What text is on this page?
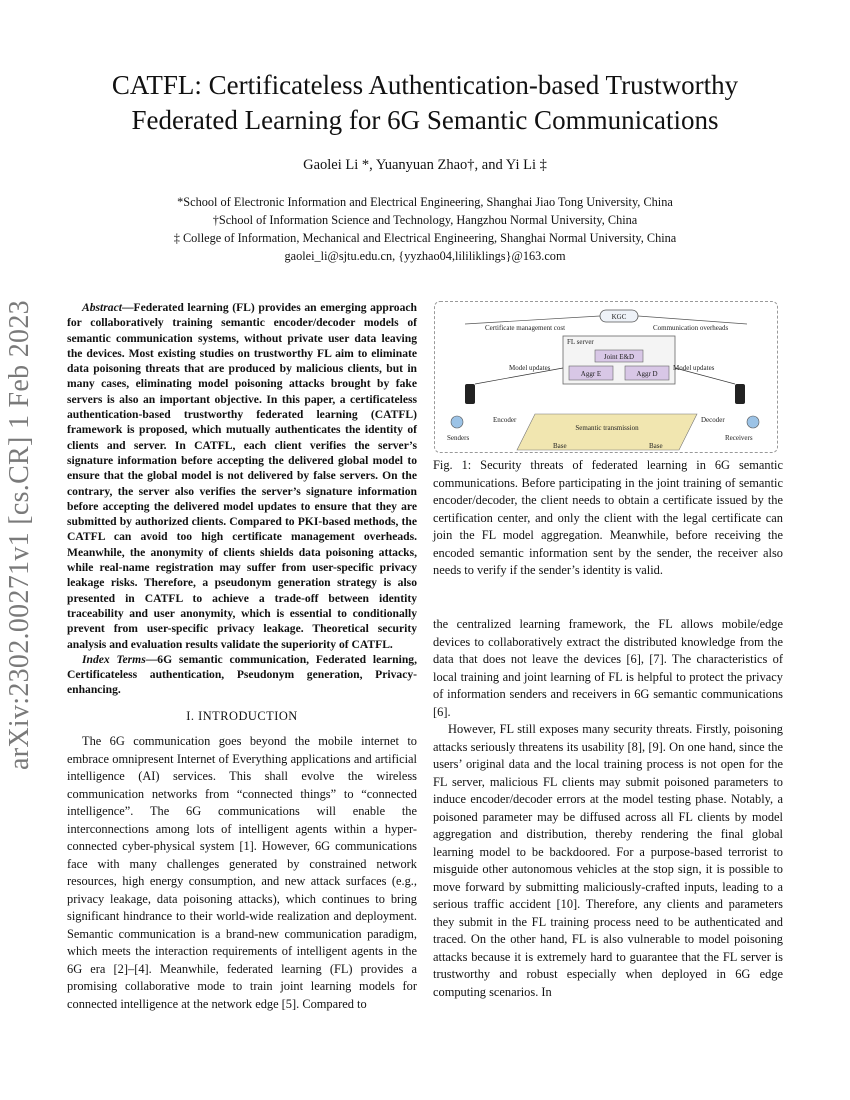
CATFL: Certificateless Authentication-based Trustworthy Federated Learning for 6G Semantic Communications
Gaolei Li *, Yuanyuan Zhao†, and Yi Li ‡
*School of Electronic Information and Electrical Engineering, Shanghai Jiao Tong University, China
†School of Information Science and Technology, Hangzhou Normal University, China
‡ College of Information, Mechanical and Electrical Engineering, Shanghai Normal University, China
gaolei_li@sjtu.edu.cn, {yyzhao04,lililiklings}@163.com
arXiv:2302.00271v1 [cs.CR] 1 Feb 2023	Abstract—Federated learning (FL) provides an emerging approach for collaboratively training semantic encoder/decoder models of semantic communication systems, without private user data leaving the devices. Most existing studies on trustworthy FL aim to eliminate data poisoning threats that are produced by malicious clients, but in many cases, eliminating model poisoning attacks brought by fake servers is also an important objective. In this paper, a certificateless authentication-based trustworthy federated learning (CATFL) framework is proposed, which mutually authenticates the identity of clients and server. In CATFL, each client verifies the server’s signature information before accepting the delivered global model to ensure that the global model is not delivered by false servers. On the contrary, the server also verifies the server’s signature information before accepting the delivered model updates to ensure that they are submitted by authorized clients. Compared to PKI-based methods, the CATFL can avoid too high certificate management overheads. Meanwhile, the anonymity of clients shields data poisoning attacks, while real-name registration may suffer from user-specific privacy leakage risks. Therefore, a pseudonym generation strategy is also presented in CATFL to achieve a trade-off between identity traceability and user anonymity, which is essential to conditionally prevent from user-specific privacy leakage. Theoretical security analysis and evaluation results validate the superiority of CATFL.

Index Terms—6G semantic communication, Federated learning, Certificateless authentication, Pseudonym generation, Privacy-enhancing.

I. INTRODUCTION

The 6G communication goes beyond the mobile internet to embrace omnipresent Internet of Everything applications and artificial intelligence (AI) services. This shall evolve the wireless communication networks from “connected things” to “connected intelligence”. The 6G communications will enable the interconnections among lots of intelligent agents within a hyper-connected cyber-physical system [1]. However, 6G communications face with many challenges generated by constrained network resources, high energy consumption, and new attack surfaces (e.g., privacy leakage, data poisoning attacks), which continues to bring significant hindrance to their world-wide realization and deployment. Semantic communication is a brand-new communication paradigm, which meets the interaction requirements of intelligent agents in the 6G era [2]–[4]. Meanwhile, federated learning (FL) provides a promising collaborative mode to train joint learning models for connected intelligence at the network edge [5]. Compared to

KGC
Certificate management cost	Communication overheads
FL server
Joint E&D
Aggr E	Aggr D
Model updates	Model updates
Encoder	Decoder
Semantic transmission
Base	Base
Senders	Receivers
Fig. 1: Security threats of federated learning in 6G semantic communications. Before participating in the joint training of semantic encoder/decoder, the client needs to obtain a certificate issued by the certification center, and only the client with the legal certificate can join the FL model aggregation. Meanwhile, before receiving the encoded semantic information sent by the sender, the receiver also needs to verify if the sender’s identity is valid.

the centralized learning framework, the FL allows mobile/edge devices to collaboratively extract the distributed knowledge from the data that does not leave the devices [6], [7]. The characteristics of local training and joint learning of FL is helpful to protect the privacy of information senders and receivers in 6G semantic communications [6].

However, FL still exposes many security threats. Firstly, poisoning attacks seriously threatens its usability [8], [9]. On one hand, since the users’ original data and the local training process is not open for the FL server, malicious FL clients may submit poisoned parameters to induce encoder/decoder errors at the model testing phase. Notably, a poisoned parameter may be diffused across all FL clients by model aggregation and distribution, thereby rendering the final global learning model to be backdoored. For a purpose-based terrorist to misguide other autonomous vehicles at the stop sign, it is possible to move forward by submitting maliciously-crafted inputs, leading to a serious traffic accident [10]. Therefore, any clients and parameters they submit in the FL training process need to be authenticated and traced. On the other hand, FL is also vulnerable to model poisoning attacks because it is extremely hard to guarantee that the FL server is trustworthy and robust especially when deployed in 6G edge computing scenarios. In
